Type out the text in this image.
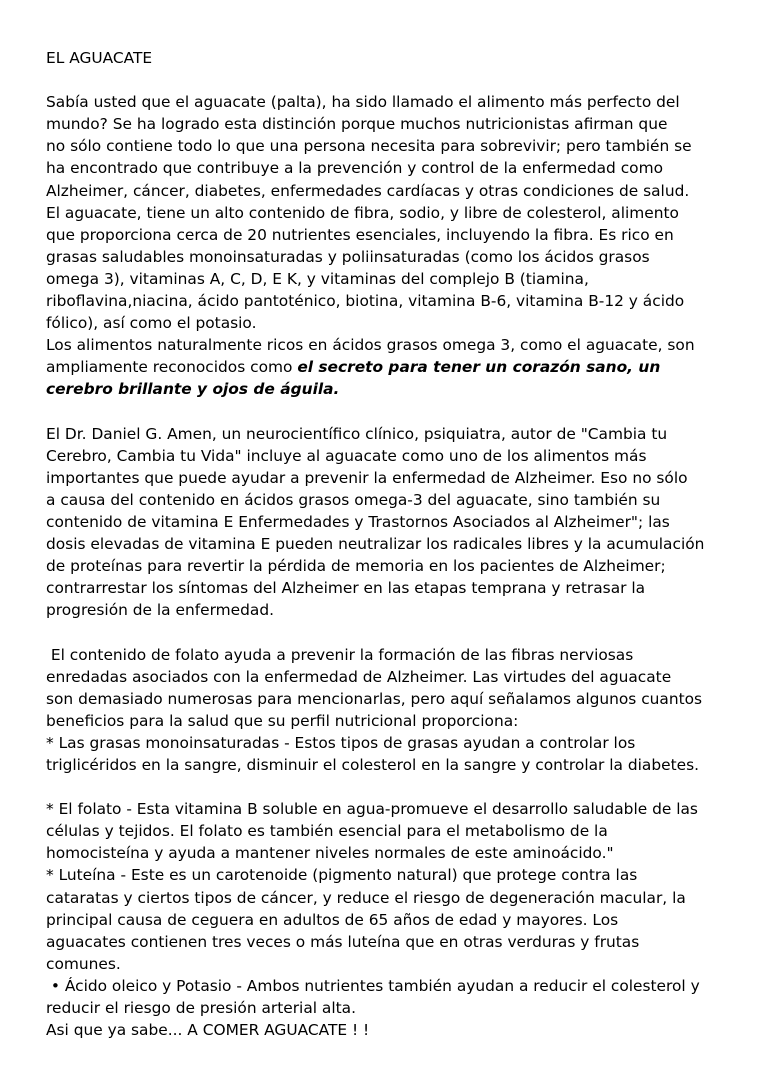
EL AGUACATE
Sabía usted que el aguacate (palta), ha sido llamado el alimento más perfecto del
mundo? Se ha logrado esta distinción porque muchos nutricionistas afirman que
no sólo contiene todo lo que una persona necesita para sobrevivir; pero también se
ha encontrado que contribuye a la prevención y control de la enfermedad como
Alzheimer, cáncer, diabetes, enfermedades cardíacas y otras condiciones de salud.
El aguacate, tiene un alto contenido de fibra, sodio, y libre de colesterol, alimento
que proporciona cerca de 20 nutrientes esenciales, incluyendo la fibra. Es rico en
grasas saludables monoinsaturadas y poliinsaturadas (como los ácidos grasos
omega 3), vitaminas A, C, D, E K, y vitaminas del complejo B (tiamina,
riboflavina,niacina, ácido pantoténico, biotina, vitamina B-6, vitamina B-12 y ácido
fólico), así como el potasio.
Los alimentos naturalmente ricos en ácidos grasos omega 3, como el aguacate, son
ampliamente reconocidos como el secreto para tener un corazón sano, un
cerebro brillante y ojos de águila.
El Dr. Daniel G. Amen, un neurocientífico clínico, psiquiatra, autor de "Cambia tu
Cerebro, Cambia tu Vida" incluye al aguacate como uno de los alimentos más
importantes que puede ayudar a prevenir la enfermedad de Alzheimer. Eso no sólo
a causa del contenido en ácidos grasos omega-3 del aguacate, sino también su
contenido de vitamina E Enfermedades y Trastornos Asociados al Alzheimer"; las
dosis elevadas de vitamina E pueden neutralizar los radicales libres y la acumulación
de proteínas para revertir la pérdida de memoria en los pacientes de Alzheimer;
contrarrestar los síntomas del Alzheimer en las etapas temprana y retrasar la
progresión de la enfermedad.
El contenido de folato ayuda a prevenir la formación de las fibras nerviosas
enredadas asociados con la enfermedad de Alzheimer. Las virtudes del aguacate
son demasiado numerosas para mencionarlas, pero aquí señalamos algunos cuantos
beneficios para la salud que su perfil nutricional proporciona:
* Las grasas monoinsaturadas - Estos tipos de grasas ayudan a controlar los
triglicéridos en la sangre, disminuir el colesterol en la sangre y controlar la diabetes.
* El folato - Esta vitamina B soluble en agua-promueve el desarrollo saludable de las
células y tejidos. El folato es también esencial para el metabolismo de la
homocisteína y ayuda a mantener niveles normales de este aminoácido."
* Luteína - Este es un carotenoide (pigmento natural) que protege contra las
cataratas y ciertos tipos de cáncer, y reduce el riesgo de degeneración macular, la
principal causa de ceguera en adultos de 65 años de edad y mayores. Los
aguacates contienen tres veces o más luteína que en otras verduras y frutas
comunes.
• Ácido oleico y Potasio - Ambos nutrientes también ayudan a reducir el colesterol y
reducir el riesgo de presión arterial alta.
Asi que ya sabe... A COMER AGUACATE ! !
